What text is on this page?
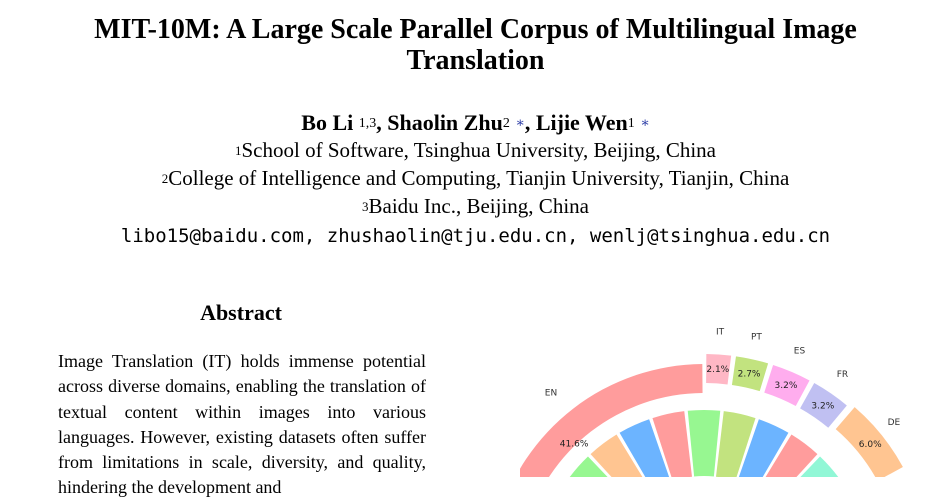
MIT-10M: A Large Scale Parallel Corpus of Multilingual Image Translation
Bo Li $^{1,3}$, Shaolin Zhu$^2$ ∗, Lijie Wen$^1$ ∗
$^1$School of Software, Tsinghua University, Beijing, China
$^2$College of Intelligence and Computing, Tianjin University, Tianjin, China
$^3$Baidu Inc., Beijing, China
libo15@baidu.com, zhushaolin@tju.edu.cn, wenlj@tsinghua.edu.cn
Abstract

Image Translation (IT) holds immense potential across diverse domains, enabling the translation of textual content within images into various languages. However, existing datasets often suffer from limitations in scale, diversity, and quality, hindering the development and

EN
41.6%
IT
2.1%
PT
2.7%
ES
3.2%
FR
3.2%
DE
6.0%
